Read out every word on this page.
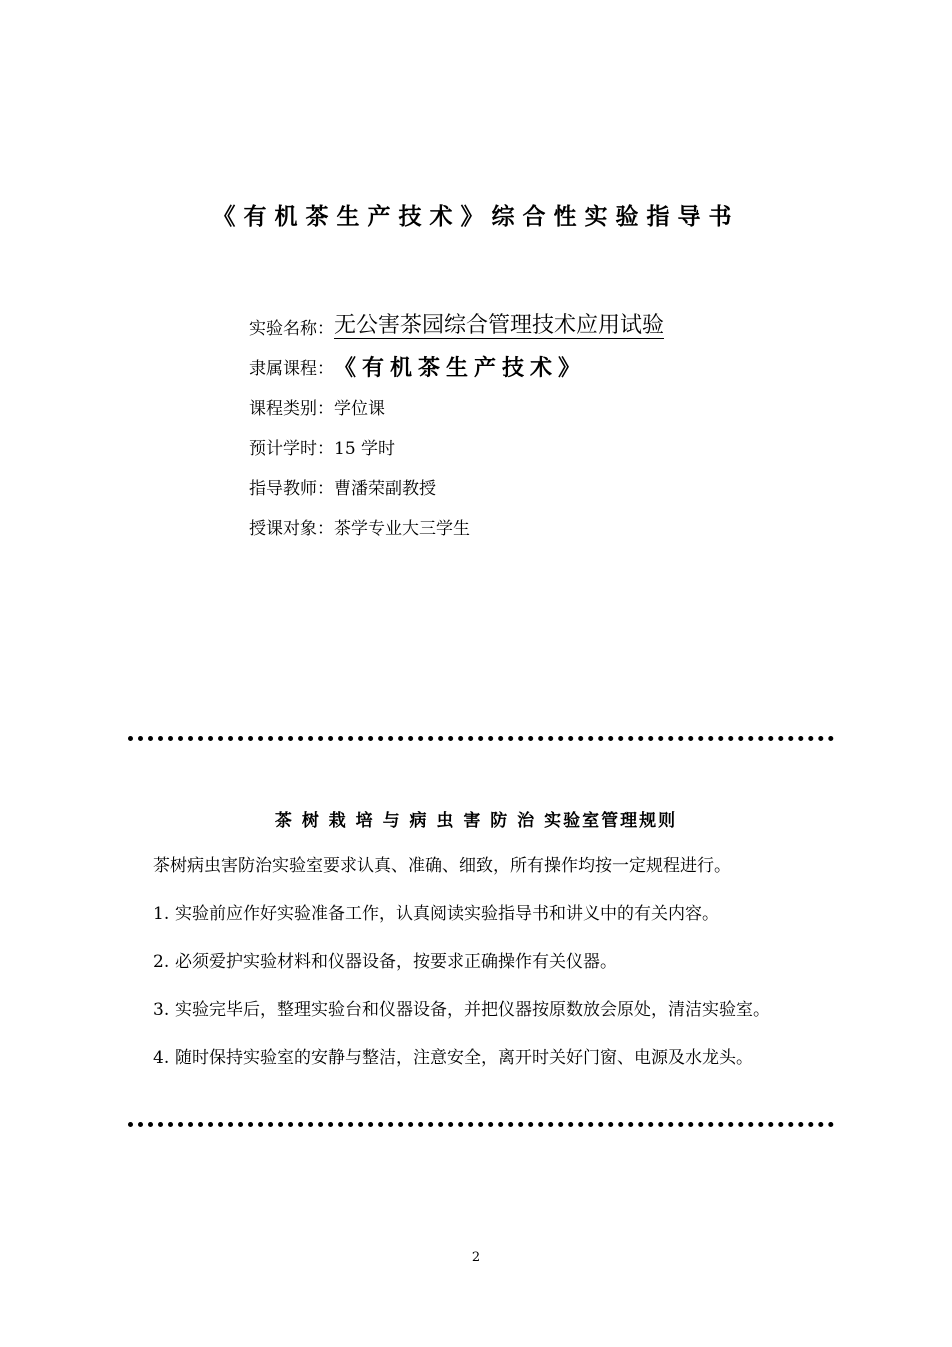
《有机茶生产技术》综合性实验指导书
实验名称： 无公害茶园综合管理技术应用试验
隶属课程： 《有机茶生产技术》
课程类别： 学位课
预计学时： 15 学时
指导教师： 曹潘荣副教授
授课对象： 茶学专业大三学生
茶 树 栽 培 与 病 虫 害 防 治 实验室管理规则
茶树病虫害防治实验室要求认真、准确、细致，所有操作均按一定规程进行。
1. 实验前应作好实验准备工作，认真阅读实验指导书和讲义中的有关内容。
2. 必须爱护实验材料和仪器设备，按要求正确操作有关仪器。
3. 实验完毕后，整理实验台和仪器设备，并把仪器按原数放会原处，清洁实验室。
4. 随时保持实验室的安静与整洁，注意安全，离开时关好门窗、电源及水龙头。
2
